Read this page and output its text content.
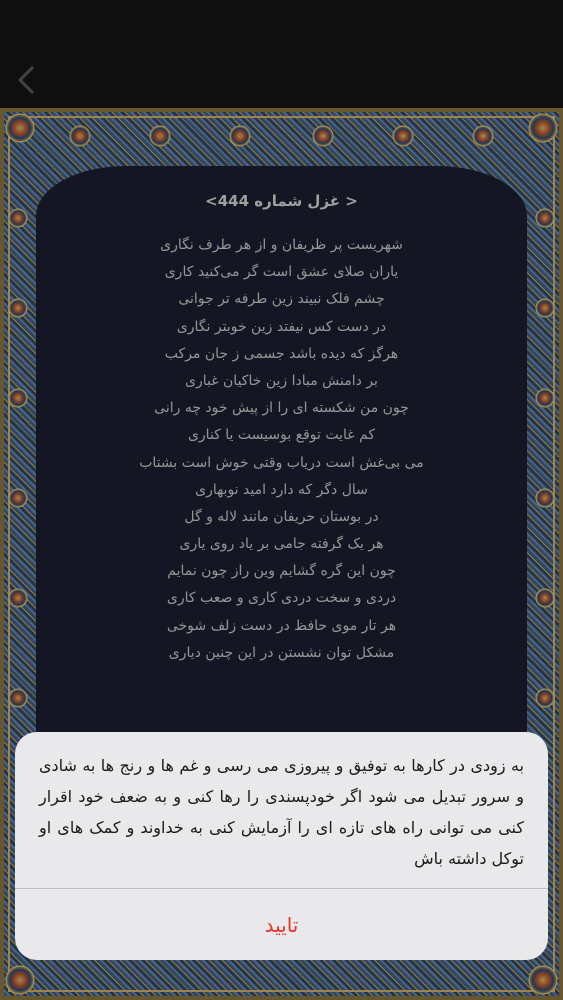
< غزل شماره 444>
شهریست پر ظریفان و از هر طرف نگاری
یاران صلای عشق است گر می‌کنید کاری
چشم فلک نبیند زین طرفه تر جوانی
در دست کس نیفتد زین خوبتر نگاری
هرگز که دیده باشد جسمی ز جان مرکب
بر دامنش مبادا زین خاکیان غباری
چون من شکسته ای را از پیش خود چه رانی
کم غایت توقع بوسیست یا کناری
می بی‌غش است دریاب وقتی خوش است بشتاب
سال دگر که دارد امید نوبهاری
در بوستان حریفان مانند لاله و گل
هر یک گرفته جامی بر یاد روی یاری
چون این گره گشایم وین راز چون نمایم
دردی و سخت دردی کاری و صعب کاری
هر تار موی حافظ در دست زلف شوخی
مشکل توان نشستن در این چنین دیاری
به زودی در کارها به توفیق و پیروزی می رسی و غم ها و رنج ها به شادی و سرور تبدیل می شود اگر خودپسندی را رها کنی و به ضعف خود اقرار کنی می توانی راه های تازه ای را آزمایش کنی به خداوند و کمک های او توکل داشته باش
تایید
